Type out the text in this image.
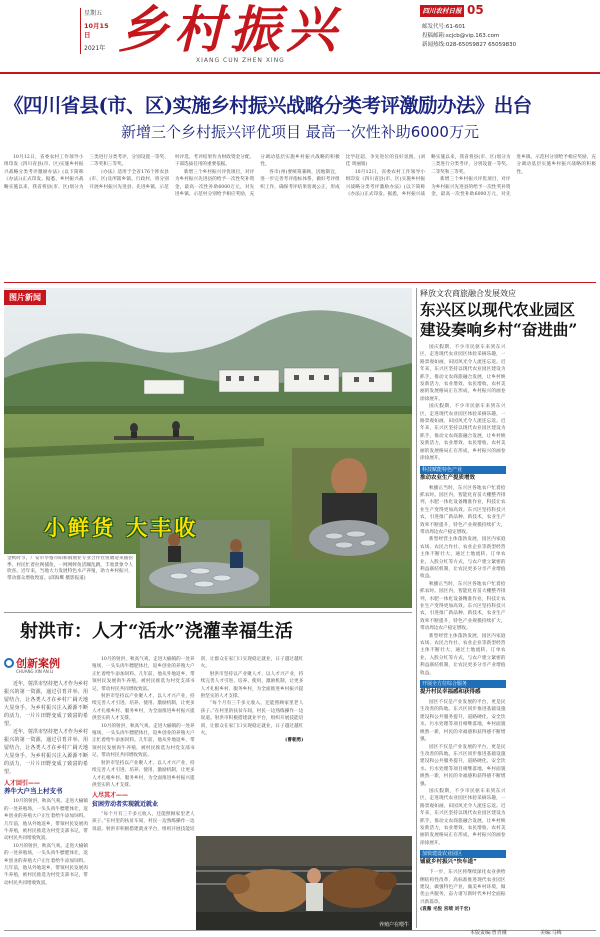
星期五
10月15日
2021年 乡村振兴
XIANG CUN ZHEN XING
四川农村日报 05
邮发代号:61-601
投稿邮箱:scjcb@vip.163.com
新闻热线:028-65059827 65059830
《四川省县(市、区)实施乡村振兴战略分类考评激励办法》出台
新增三个乡村振兴评优项目 最高一次性补助6000万元

10月12日，省委农村工作领导小组印发《四川省县(市、区)实施乡村振兴战略分类考评激励办法》(以下简称《办法》)正式印发。据悉，乡村振兴战略实施以来，我省将县(市、区)划分为三类进行分类考评，分别设置一等奖、二等奖和三等奖。

《办法》适用于全省176个涉农县(市、区)及所辖乡镇、行政村，将分别开展乡村振兴先进县、先进乡镇、示范村评选，考评结果作为财政资金分配、干部选拔任用的重要依据。

新增三个乡村振兴评优项目，对评为乡村振兴先进县的给予一次性奖补资金，最高一次性补助6000万元，对先进乡镇、示范村分别给予相应奖励，充分调动基层实施乡村振兴战略的积极性。

各市(州)要统筹兼顾，因地制宜，进一步完善考评指标体系，做好考评组织工作，确保考评结果客观公正，形成比学赶超、争先进位的良好氛围。(刘佳 周丽娟)

10月12日，省委农村工作领导小组印发《四川省县(市、区)实施乡村振兴战略分类考评激励办法》(以下简称《办法》)正式印发。据悉，乡村振兴战略实施以来，我省将县(市、区)划分为三类进行分类考评，分别设置一等奖、二等奖和三等奖。

新增三个乡村振兴评优项目，对评为乡村振兴先进县的给予一次性奖补资金，最高一次性补助6000万元，对先进乡镇、示范村分别给予相应奖励，充分调动基层实施乡村振兴战略的积极性。

图片新闻
小鲜货 大丰收
金秋时节，广安市华蓥市阳和镇渔业专业合作社鱼塘迎来捕捞季，村民忙着拉网捕鱼，一网网鲜鱼活蹦乱跳，丰收景象令人欣喜。近年来，当地大力发展特色水产养殖，助力乡村振兴，带动群众增收致富。(邱海鹰 摄影报道)
释放文农商旅融合发展效应
东兴区以现代农业园区
建设奏响乡村“奋进曲”

国庆假期，不少市民驱车来到东兴区，走进现代农业园区体验采摘乐趣，一路景观如画，田园风光令人流连忘返。近年来，东兴区坚持以现代农业园区建设为抓手，推动文农商旅融合发展，让乡村焕发新活力，农业增效、农民增收、农村美丽的发展格局正在形成，乡村振兴的画卷徐徐展开。

国庆假期，不少市民驱车来到东兴区，走进现代农业园区体验采摘乐趣，一路景观如画，田园风光令人流连忘返。近年来，东兴区坚持以现代农业园区建设为抓手，推动文农商旅融合发展，让乡村焕发新活力，农业增效、农民增收、农村美丽的发展格局正在形成，乡村振兴的画卷徐徐展开。

科技赋能特色产业
推动农业生产提质增效

秋播正当时，东兴区各地农户忙着抢抓农时。园区内，智能化育苗大棚整齐排列，水肥一体化设备精准作业，科技让农业生产变得更加高效。东兴区坚持科技兴农，引进推广新品种、新技术，农业生产效率不断提升，特色产业规模持续扩大，带动周边农户稳定增收。

新型经营主体蓬勃发展，园区内家庭农场、农民合作社、农业企业等新型经营主体不断壮大，通过土地流转、订单农业、入股分红等方式，与农户建立紧密的利益联结机制，让农民更多分享产业增值收益。

秋播正当时，东兴区各地农户忙着抢抓农时。园区内，智能化育苗大棚整齐排列，水肥一体化设备精准作业，科技让农业生产变得更加高效。东兴区坚持科技兴农，引进推广新品种、新技术，农业生产效率不断提升，特色产业规模持续扩大，带动周边农户稳定增收。

新型经营主体蓬勃发展，园区内家庭农场、农民合作社、农业企业等新型经营主体不断壮大，通过土地流转、订单农业、入股分红等方式，与农户建立紧密的利益联结机制，让农民更多分享产业增值收益。

开展全方位综合服务
提升村民幸福感和获得感

园区不仅是产业发展的平台，更是民生改善的阵地。东兴区同步推进基础设施建设和公共服务提升，道路硬化、安全饮水、污水处理等项目相继落地，乡村面貌焕然一新，村民的幸福感和获得感不断增强。

园区不仅是产业发展的平台，更是民生改善的阵地。东兴区同步推进基础设施建设和公共服务提升，道路硬化、安全饮水、污水处理等项目相继落地，乡村面貌焕然一新，村民的幸福感和获得感不断增强。

国庆假期，不少市民驱车来到东兴区，走进现代农业园区体验采摘乐趣，一路景观如画，田园风光令人流连忘返。近年来，东兴区坚持以现代农业园区建设为抓手，推动文农商旅融合发展，让乡村焕发新活力，农业增效、农民增收、农村美丽的发展格局正在形成，乡村振兴的画卷徐徐展开。

加快建设农业园区
铺就乡村振兴“快车道”

下一步，东兴区将继续深化农业供给侧结构性改革，高标准推进现代农业园区建设，做强特色产业，做美乡村环境，做优公共服务，奋力谱写新时代乡村全面振兴新篇章。

(袁薇 毛悦 宫靖 刘千宏)

射洪市：人才“活水”浇灌幸福生活
创新案例
CHUANG XIN AN LI

近年，射洪市坚持把人才作为乡村振兴的第一资源，通过引育并举、用留结合，让各类人才在乡村广阔天地大显身手，为乡村振兴注入源源不断的活力，一片片田野变成了致富的希望。

近年，射洪市坚持把人才作为乡村振兴的第一资源，通过引育并举、用留结合，让各类人才在乡村广阔天地大显身手，为乡村振兴注入源源不断的活力，一片片田野变成了致富的希望。

人才回引——
养牛大户当上村支书

10月的射洪，秋高气爽。走进大榆镇的一处养殖场，一头头肉牛膘肥体壮，返乡创业的养殖大户正忙着给牛添加饲料。几年前，他从外地返乡，带领村民发展肉牛养殖，被村民推选为村党支部书记，带动村民共同增收致富。

10月的射洪，秋高气爽。走进大榆镇的一处养殖场，一头头肉牛膘肥体壮，返乡创业的养殖大户正忙着给牛添加饲料。几年前，他从外地返乡，带领村民发展肉牛养殖，被村民推选为村党支部书记，带动村民共同增收致富。

10月的射洪，秋高气爽。走进大榆镇的一处养殖场，一头头肉牛膘肥体壮，返乡创业的养殖大户正忙着给牛添加饲料。几年前，他从外地返乡，带领村民发展肉牛养殖，被村民推选为村党支部书记，带动村民共同增收致富。

射洪市坚持以产业聚人才、以人才兴产业，持续完善人才引进、培养、使用、激励机制，让更多人才扎根乡村、服务乡村，为全面推进乡村振兴提供坚实的人才支撑。

10月的射洪，秋高气爽。走进大榆镇的一处养殖场，一头头肉牛膘肥体壮，返乡创业的养殖大户正忙着给牛添加饲料。几年前，他从外地返乡，带领村民发展肉牛养殖，被村民推选为村党支部书记，带动村民共同增收致富。

射洪市坚持以产业聚人才、以人才兴产业，持续完善人才引进、培养、使用、激励机制，让更多人才扎根乡村、服务乡村，为全面推进乡村振兴提供坚实的人才支撑。

人尽其才——
贫困劳动者实现就近就业

“每个月有三千多元收入，还能照顾家里老人孩子。”在村里的扶贫车间，村民一边熟练操作一边说道。射洪市积极搭建就业平台，组织开展技能培训，让群众在家门口实现稳定就业，日子越过越红火。

射洪市坚持以产业聚人才、以人才兴产业，持续完善人才引进、培养、使用、激励机制，让更多人才扎根乡村、服务乡村，为全面推进乡村振兴提供坚实的人才支撑。

“每个月有三千多元收入，还能照顾家里老人孩子。”在村里的扶贫车间，村民一边熟练操作一边说道。射洪市积极搭建就业平台，组织开展技能培训，让群众在家门口实现稳定就业，日子越过越红火。

(曹朝勇)

养殖户在喂牛
本版责编:曾青娥	美编:马梅
